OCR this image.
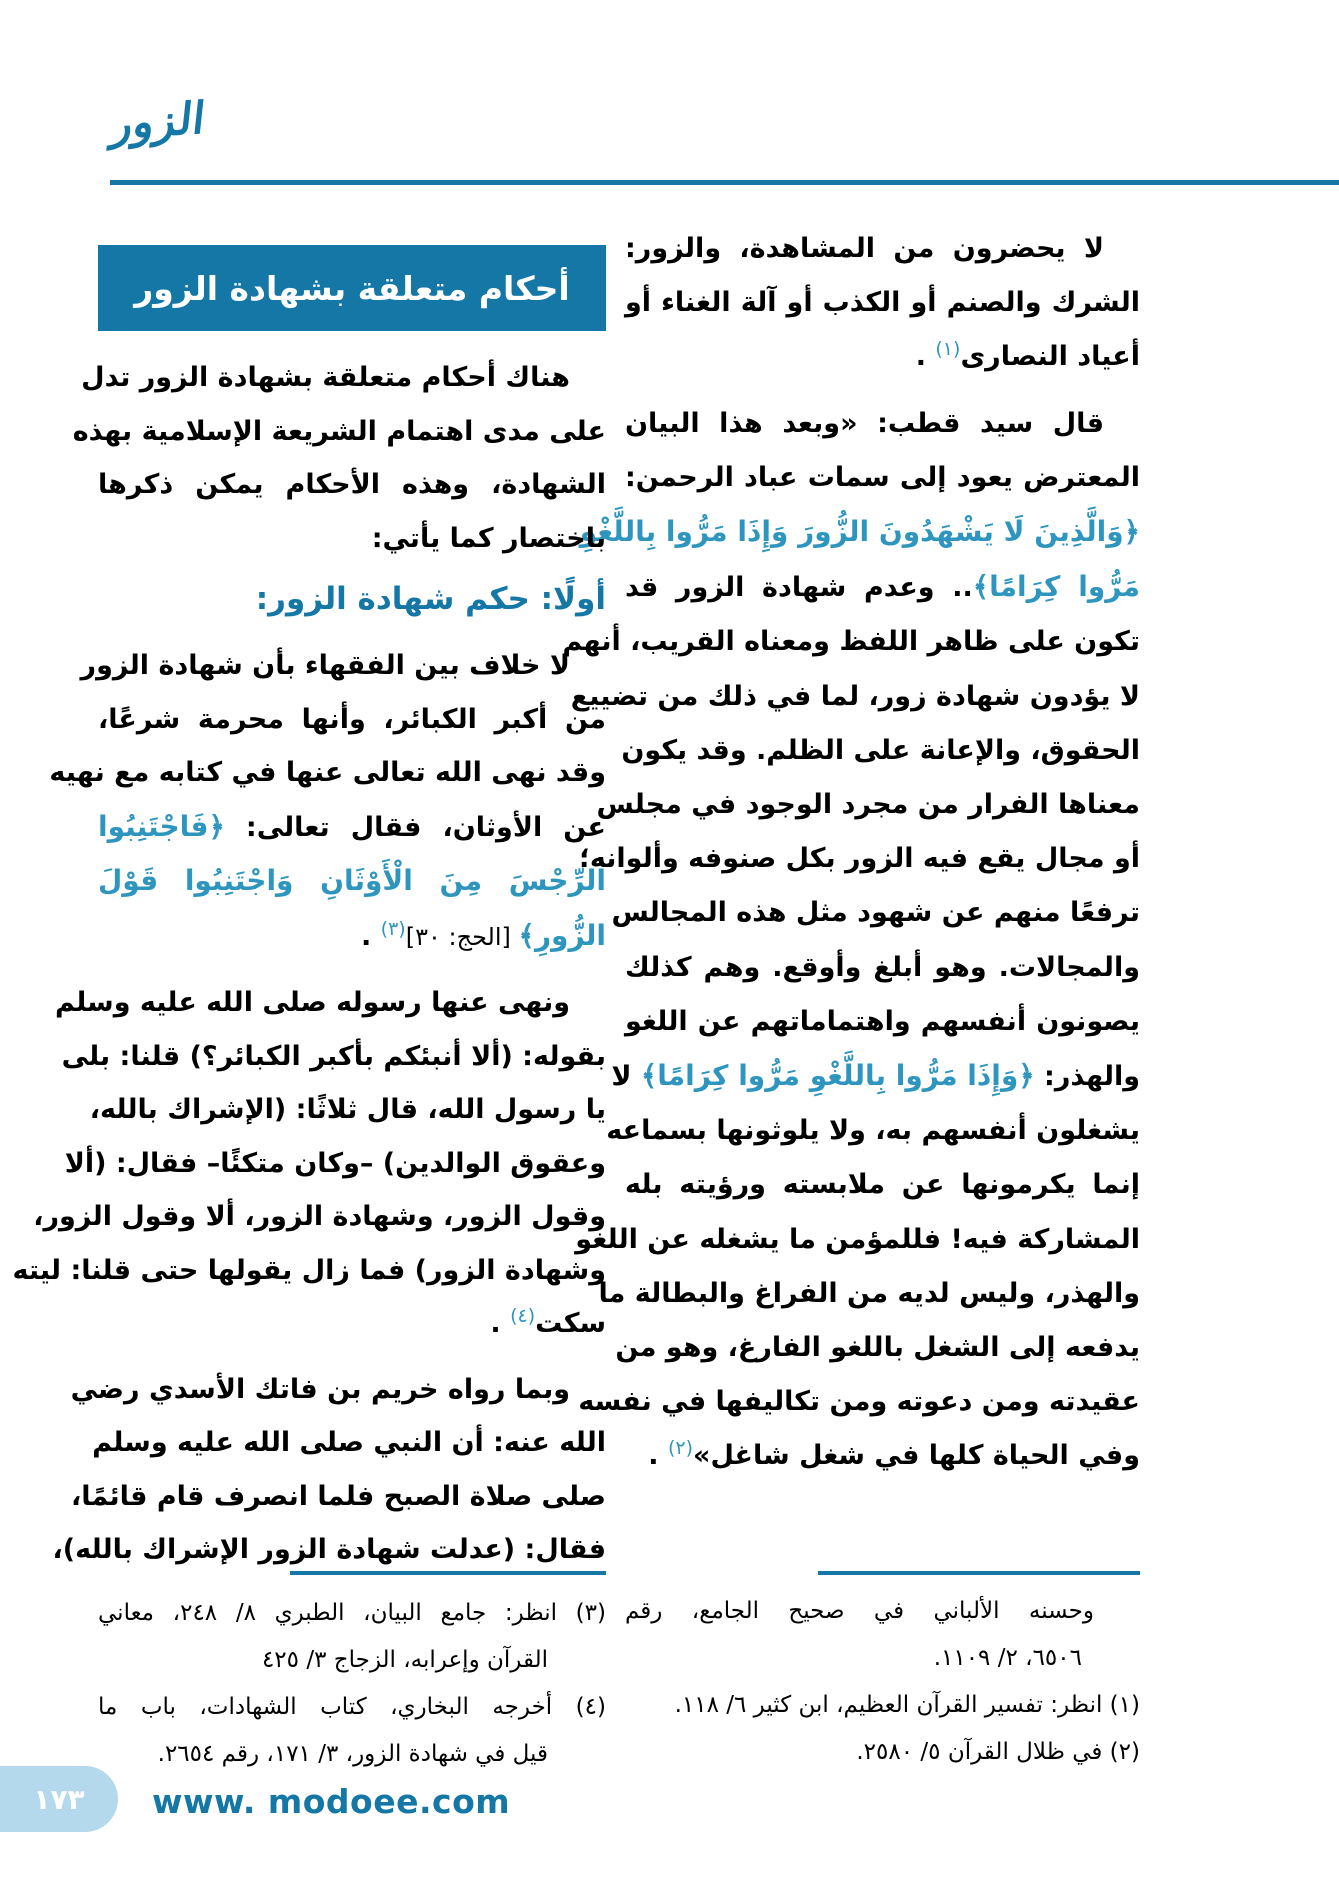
الزور
لا يحضرون من المشاهدة، والزور:
الشرك والصنم أو الكذب أو آلة الغناء أو
أعياد النصارى$^{(١)}$ .
قال سيد قطب: «وبعد هذا البيان
المعترض يعود إلى سمات عباد الرحمن:
﴿وَالَّذِينَ لَا يَشْهَدُونَ الزُّورَ وَإِذَا مَرُّوا بِاللَّغْوِ
مَرُّوا كِرَامًا﴾.. وعدم شهادة الزور قد
تكون على ظاهر اللفظ ومعناه القريب، أنهم
لا يؤدون شهادة زور، لما في ذلك من تضييع
الحقوق، والإعانة على الظلم. وقد يكون
معناها الفرار من مجرد الوجود في مجلس
أو مجال يقع فيه الزور بكل صنوفه وألوانه؛
ترفعًا منهم عن شهود مثل هذه المجالس
والمجالات. وهو أبلغ وأوقع. وهم كذلك
يصونون أنفسهم واهتماماتهم عن اللغو
والهذر: ﴿وَإِذَا مَرُّوا بِاللَّغْوِ مَرُّوا كِرَامًا﴾ لا
يشغلون أنفسهم به، ولا يلوثونها بسماعه
إنما يكرمونها عن ملابسته ورؤيته بله
المشاركة فيه! فللمؤمن ما يشغله عن اللغو
والهذر، وليس لديه من الفراغ والبطالة ما
يدفعه إلى الشغل باللغو الفارغ، وهو من
عقيدته ومن دعوته ومن تكاليفها في نفسه
وفي الحياة كلها في شغل شاغل»$^{(٢)}$ .
أحكام متعلقة بشهادة الزور
هناك أحكام متعلقة بشهادة الزور تدل
على مدى اهتمام الشريعة الإسلامية بهذه
الشهادة، وهذه الأحكام يمكن ذكرها
باختصار كما يأتي:
أولًا: حكم شهادة الزور:
لا خلاف بين الفقهاء بأن شهادة الزور
من أكبر الكبائر، وأنها محرمة شرعًا،
وقد نهى الله تعالى عنها في كتابه مع نهيه
عن الأوثان، فقال تعالى: ﴿فَاجْتَنِبُوا
الرِّجْسَ مِنَ الْأَوْثَانِ وَاجْتَنِبُوا قَوْلَ
الزُّورِ﴾ [الحج: ٣٠]$^{(٣)}$ .
ونهى عنها رسوله صلى الله عليه وسلم
بقوله: (ألا أنبئكم بأكبر الكبائر؟) قلنا: بلى
يا رسول الله، قال ثلاثًا: (الإشراك بالله،
وعقوق الوالدين) –وكان متكئًا– فقال: (ألا
وقول الزور، وشهادة الزور، ألا وقول الزور،
وشهادة الزور) فما زال يقولها حتى قلنا: ليته
سكت$^{(٤)}$ .
وبما رواه خريم بن فاتك الأسدي رضي
الله عنه: أن النبي صلى الله عليه وسلم
صلى صلاة الصبح فلما انصرف قام قائمًا،
فقال: (عدلت شهادة الزور الإشراك بالله)،
وحسنه الألباني في صحيح الجامع، رقم
٦٥٠٦، ٢/ ١١٠٩.
(١) انظر: تفسير القرآن العظيم، ابن كثير ٦/ ١١٨.
(٢) في ظلال القرآن ٥/ ٢٥٨٠.
(٣) انظر: جامع البيان، الطبري ٨/ ٢٤٨، معاني
القرآن وإعرابه، الزجاج ٣/ ٤٢٥
(٤) أخرجه البخاري، كتاب الشهادات، باب ما
قيل في شهادة الزور، ٣/ ١٧١، رقم ٢٦٥٤.
١٧٣ www. modoee.com
